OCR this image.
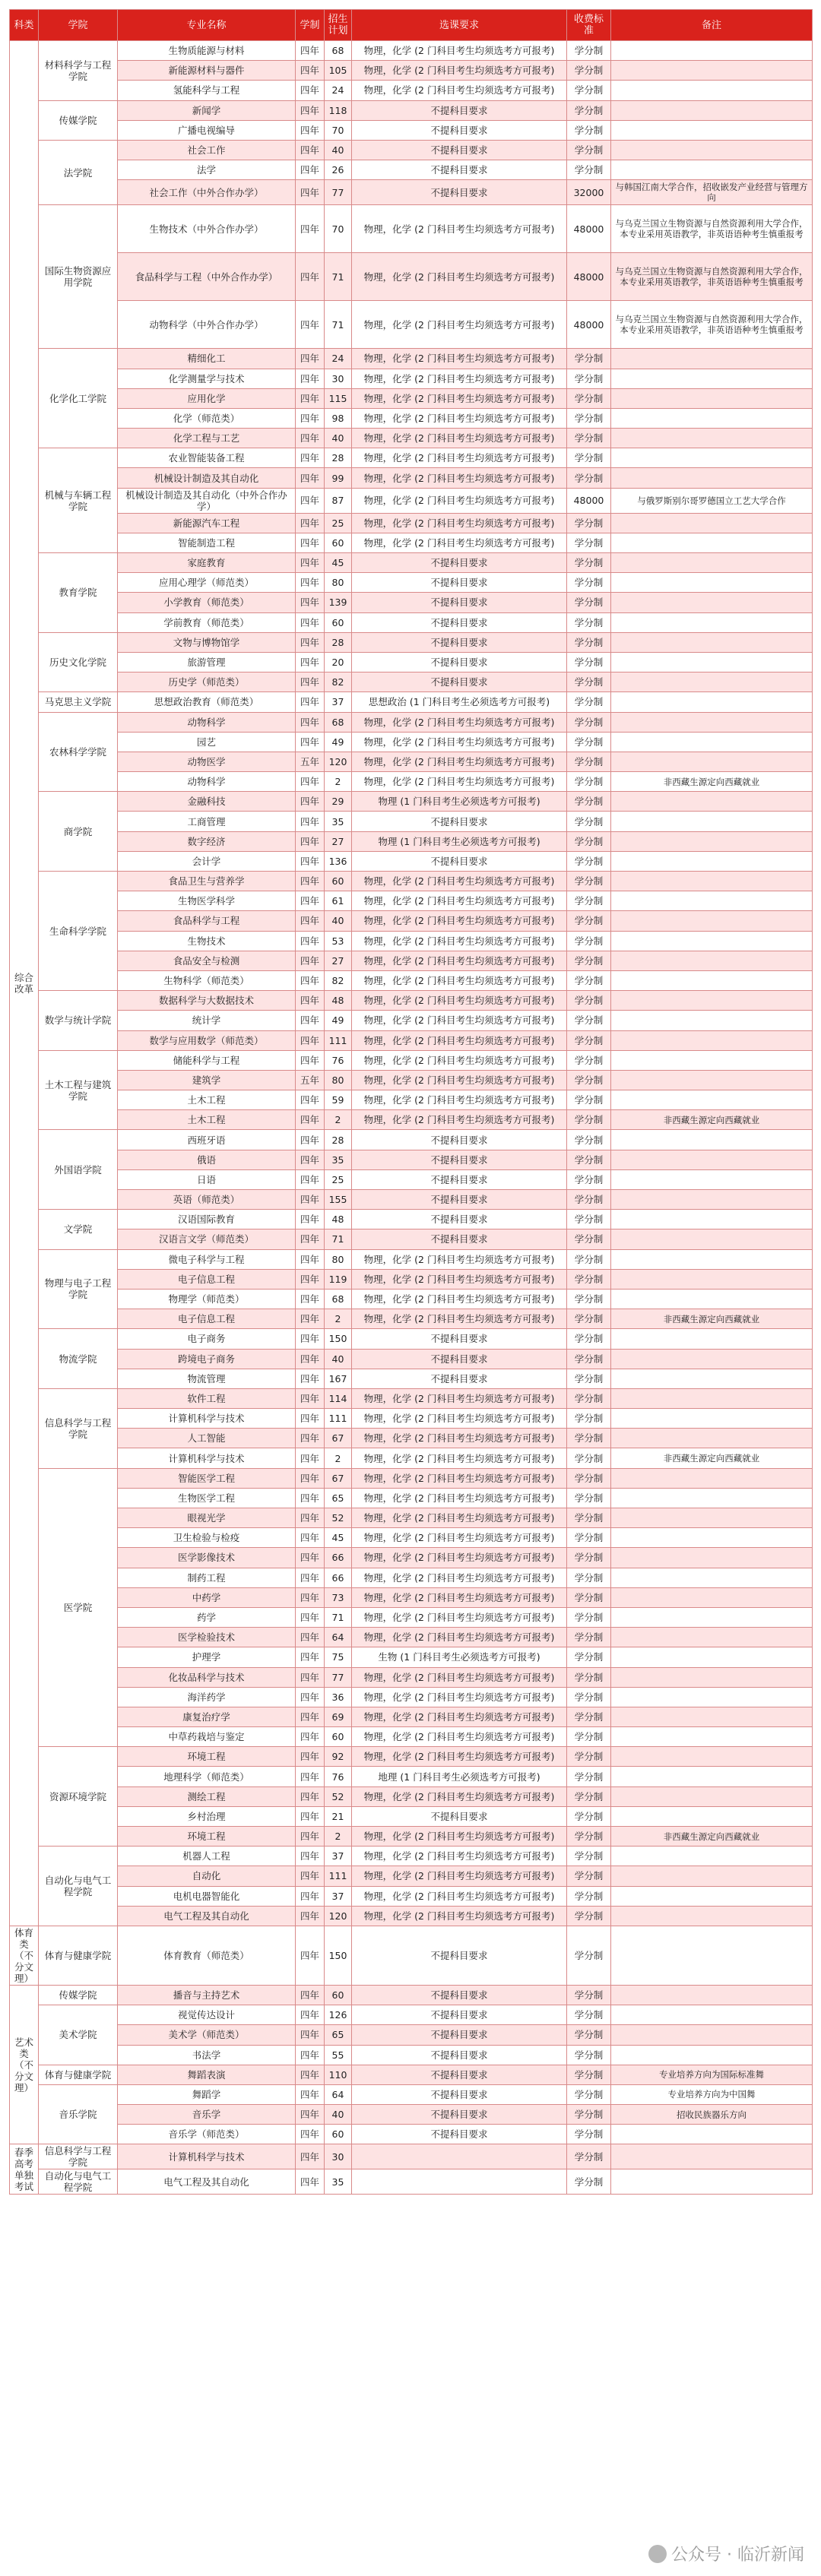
科类	学院	专业名称	学制	招生计划	选课要求	收费标准	备注
综合改革	材料科学与工程学院	生物质能源与材料	四年	68	物理，化学 (2 门科目考生均须选考方可报考)	学分制	
		新能源材料与器件	四年	105	物理，化学 (2 门科目考生均须选考方可报考)	学分制	
		氢能科学与工程	四年	24	物理，化学 (2 门科目考生均须选考方可报考)	学分制	
	传媒学院	新闻学	四年	118	不提科目要求	学分制	
		广播电视编导	四年	70	不提科目要求	学分制	
	法学院	社会工作	四年	40	不提科目要求	学分制	
		法学	四年	26	不提科目要求	学分制	
		社会工作（中外合作办学）	四年	77	不提科目要求	32000	与韩国江南大学合作，招收嵌发产业经营与管理方向
	国际生物资源应用学院	生物技术（中外合作办学）	四年	70	物理，化学 (2 门科目考生均须选考方可报考)	48000	与乌克兰国立生物资源与自然资源利用大学合作，本专业采用英语教学，非英语语种考生慎重报考
		食品科学与工程（中外合作办学）	四年	71	物理，化学 (2 门科目考生均须选考方可报考)	48000	与乌克兰国立生物资源与自然资源利用大学合作，本专业采用英语教学，非英语语种考生慎重报考
		动物科学（中外合作办学）	四年	71	物理，化学 (2 门科目考生均须选考方可报考)	48000	与乌克兰国立生物资源与自然资源利用大学合作，本专业采用英语教学，非英语语种考生慎重报考
	化学化工学院	精细化工	四年	24	物理，化学 (2 门科目考生均须选考方可报考)	学分制	
		化学测量学与技术	四年	30	物理，化学 (2 门科目考生均须选考方可报考)	学分制	
		应用化学	四年	115	物理，化学 (2 门科目考生均须选考方可报考)	学分制	
		化学（师范类）	四年	98	物理，化学 (2 门科目考生均须选考方可报考)	学分制	
		化学工程与工艺	四年	40	物理，化学 (2 门科目考生均须选考方可报考)	学分制	
	机械与车辆工程学院	农业智能装备工程	四年	28	物理，化学 (2 门科目考生均须选考方可报考)	学分制	
		机械设计制造及其自动化	四年	99	物理，化学 (2 门科目考生均须选考方可报考)	学分制	
		机械设计制造及其自动化（中外合作办学）	四年	87	物理，化学 (2 门科目考生均须选考方可报考)	48000	与俄罗斯别尔哥罗德国立工艺大学合作
		新能源汽车工程	四年	25	物理，化学 (2 门科目考生均须选考方可报考)	学分制	
		智能制造工程	四年	60	物理，化学 (2 门科目考生均须选考方可报考)	学分制	
	教育学院	家庭教育	四年	45	不提科目要求	学分制	
		应用心理学（师范类）	四年	80	不提科目要求	学分制	
		小学教育（师范类）	四年	139	不提科目要求	学分制	
		学前教育（师范类）	四年	60	不提科目要求	学分制	
	历史文化学院	文物与博物馆学	四年	28	不提科目要求	学分制	
		旅游管理	四年	20	不提科目要求	学分制	
		历史学（师范类）	四年	82	不提科目要求	学分制	
	马克思主义学院	思想政治教育（师范类）	四年	37	思想政治 (1 门科目考生必须选考方可报考)	学分制	
	农林科学学院	动物科学	四年	68	物理，化学 (2 门科目考生均须选考方可报考)	学分制	
		园艺	四年	49	物理，化学 (2 门科目考生均须选考方可报考)	学分制	
		动物医学	五年	120	物理，化学 (2 门科目考生均须选考方可报考)	学分制	
		动物科学	四年	2	物理，化学 (2 门科目考生均须选考方可报考)	学分制	非西藏生源定向西藏就业
	商学院	金融科技	四年	29	物理 (1 门科目考生必须选考方可报考)	学分制	
		工商管理	四年	35	不提科目要求	学分制	
		数字经济	四年	27	物理 (1 门科目考生必须选考方可报考)	学分制	
		会计学	四年	136	不提科目要求	学分制	
	生命科学学院	食品卫生与营养学	四年	60	物理，化学 (2 门科目考生均须选考方可报考)	学分制	
		生物医学科学	四年	61	物理，化学 (2 门科目考生均须选考方可报考)	学分制	
		食品科学与工程	四年	40	物理，化学 (2 门科目考生均须选考方可报考)	学分制	
		生物技术	四年	53	物理，化学 (2 门科目考生均须选考方可报考)	学分制	
		食品安全与检测	四年	27	物理，化学 (2 门科目考生均须选考方可报考)	学分制	
		生物科学（师范类）	四年	82	物理，化学 (2 门科目考生均须选考方可报考)	学分制	
	数学与统计学院	数据科学与大数据技术	四年	48	物理，化学 (2 门科目考生均须选考方可报考)	学分制	
		统计学	四年	49	物理，化学 (2 门科目考生均须选考方可报考)	学分制	
		数学与应用数学（师范类）	四年	111	物理，化学 (2 门科目考生均须选考方可报考)	学分制	
	土木工程与建筑学院	储能科学与工程	四年	76	物理，化学 (2 门科目考生均须选考方可报考)	学分制	
		建筑学	五年	80	物理，化学 (2 门科目考生均须选考方可报考)	学分制	
		土木工程	四年	59	物理，化学 (2 门科目考生均须选考方可报考)	学分制	
		土木工程	四年	2	物理，化学 (2 门科目考生均须选考方可报考)	学分制	非西藏生源定向西藏就业
	外国语学院	西班牙语	四年	28	不提科目要求	学分制	
		俄语	四年	35	不提科目要求	学分制	
		日语	四年	25	不提科目要求	学分制	
		英语（师范类）	四年	155	不提科目要求	学分制	
	文学院	汉语国际教育	四年	48	不提科目要求	学分制	
		汉语言文学（师范类）	四年	71	不提科目要求	学分制	
	物理与电子工程学院	微电子科学与工程	四年	80	物理，化学 (2 门科目考生均须选考方可报考)	学分制	
		电子信息工程	四年	119	物理，化学 (2 门科目考生均须选考方可报考)	学分制	
		物理学（师范类）	四年	68	物理，化学 (2 门科目考生均须选考方可报考)	学分制	
		电子信息工程	四年	2	物理，化学 (2 门科目考生均须选考方可报考)	学分制	非西藏生源定向西藏就业
	物流学院	电子商务	四年	150	不提科目要求	学分制	
		跨境电子商务	四年	40	不提科目要求	学分制	
		物流管理	四年	167	不提科目要求	学分制	
	信息科学与工程学院	软件工程	四年	114	物理，化学 (2 门科目考生均须选考方可报考)	学分制	
		计算机科学与技术	四年	111	物理，化学 (2 门科目考生均须选考方可报考)	学分制	
		人工智能	四年	67	物理，化学 (2 门科目考生均须选考方可报考)	学分制	
		计算机科学与技术	四年	2	物理，化学 (2 门科目考生均须选考方可报考)	学分制	非西藏生源定向西藏就业
	医学院	智能医学工程	四年	67	物理，化学 (2 门科目考生均须选考方可报考)	学分制	
		生物医学工程	四年	65	物理，化学 (2 门科目考生均须选考方可报考)	学分制	
		眼视光学	四年	52	物理，化学 (2 门科目考生均须选考方可报考)	学分制	
		卫生检验与检疫	四年	45	物理，化学 (2 门科目考生均须选考方可报考)	学分制	
		医学影像技术	四年	66	物理，化学 (2 门科目考生均须选考方可报考)	学分制	
		制药工程	四年	66	物理，化学 (2 门科目考生均须选考方可报考)	学分制	
		中药学	四年	73	物理，化学 (2 门科目考生均须选考方可报考)	学分制	
		药学	四年	71	物理，化学 (2 门科目考生均须选考方可报考)	学分制	
		医学检验技术	四年	64	物理，化学 (2 门科目考生均须选考方可报考)	学分制	
		护理学	四年	75	生物 (1 门科目考生必须选考方可报考)	学分制	
		化妆品科学与技术	四年	77	物理，化学 (2 门科目考生均须选考方可报考)	学分制	
		海洋药学	四年	36	物理，化学 (2 门科目考生均须选考方可报考)	学分制	
		康复治疗学	四年	69	物理，化学 (2 门科目考生均须选考方可报考)	学分制	
		中草药栽培与鉴定	四年	60	物理，化学 (2 门科目考生均须选考方可报考)	学分制	
	资源环境学院	环境工程	四年	92	物理，化学 (2 门科目考生均须选考方可报考)	学分制	
		地理科学（师范类）	四年	76	地理 (1 门科目考生必须选考方可报考)	学分制	
		测绘工程	四年	52	物理，化学 (2 门科目考生均须选考方可报考)	学分制	
		乡村治理	四年	21	不提科目要求	学分制	
		环境工程	四年	2	物理，化学 (2 门科目考生均须选考方可报考)	学分制	非西藏生源定向西藏就业
	自动化与电气工程学院	机器人工程	四年	37	物理，化学 (2 门科目考生均须选考方可报考)	学分制	
		自动化	四年	111	物理，化学 (2 门科目考生均须选考方可报考)	学分制	
		电机电器智能化	四年	37	物理，化学 (2 门科目考生均须选考方可报考)	学分制	
		电气工程及其自动化	四年	120	物理，化学 (2 门科目考生均须选考方可报考)	学分制	
体育类（不分文理）	体育与健康学院	体育教育（师范类）	四年	150	不提科目要求	学分制	
艺术类（不分文理）	传媒学院	播音与主持艺术	四年	60	不提科目要求	学分制	
	美术学院	视觉传达设计	四年	126	不提科目要求	学分制	
		美术学（师范类）	四年	65	不提科目要求	学分制	
		书法学	四年	55	不提科目要求	学分制	
	体育与健康学院	舞蹈表演	四年	110	不提科目要求	学分制	专业培养方向为国际标准舞
	音乐学院	舞蹈学	四年	64	不提科目要求	学分制	专业培养方向为中国舞
		音乐学	四年	40	不提科目要求	学分制	招收民族器乐方向
		音乐学（师范类）	四年	60	不提科目要求	学分制	
春季高考单独考试	信息科学与工程学院	计算机科学与技术	四年	30		学分制	
	自动化与电气工程学院	电气工程及其自动化	四年	35		学分制	
公众号 · 临沂新闻
